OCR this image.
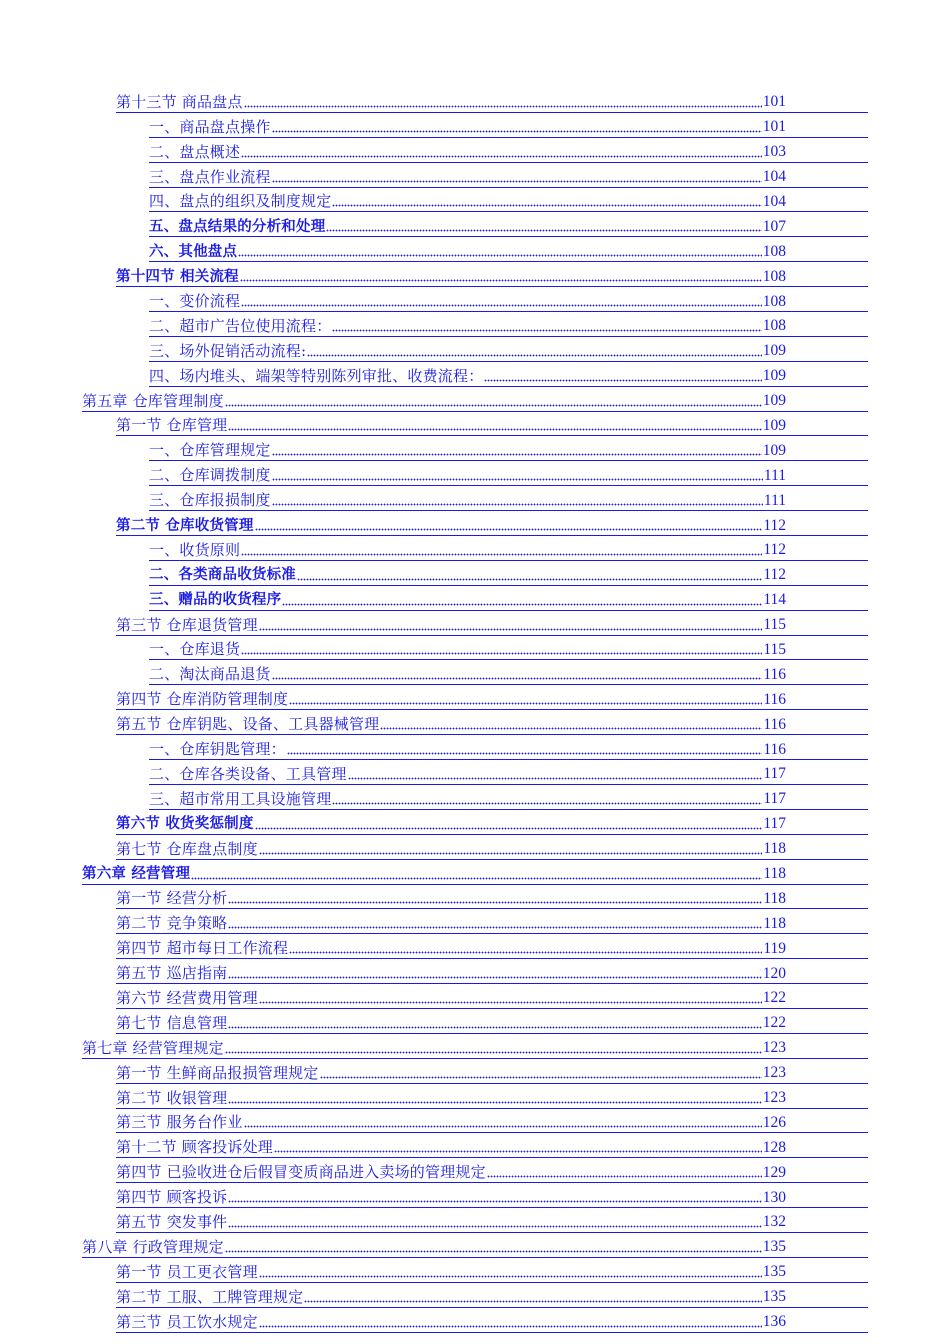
第十三节 商品盘点	101
一、商品盘点操作	101
二、盘点概述	103
三、盘点作业流程	104
四、盘点的组织及制度规定	104
五、盘点结果的分析和处理	107
六、其他盘点	108
第十四节 相关流程	108
一、变价流程	108
二、超市广告位使用流程：	108
三、场外促销活动流程:	109
四、场内堆头、端架等特别陈列审批、收费流程：	109
第五章 仓库管理制度	109
第一节 仓库管理	109
一、仓库管理规定	109
二、仓库调拨制度	111
三、仓库报损制度	111
第二节 仓库收货管理	112
一、收货原则	112
二、各类商品收货标准	112
三、赠品的收货程序	114
第三节 仓库退货管理	115
一、仓库退货	115
二、淘汰商品退货	116
第四节 仓库消防管理制度	116
第五节 仓库钥匙、设备、工具器械管理	116
一、仓库钥匙管理：	116
二、仓库各类设备、工具管理	117
三、超市常用工具设施管理	117
第六节 收货奖惩制度	117
第七节 仓库盘点制度	118
第六章 经营管理	118
第一节 经营分析	118
第二节 竞争策略	118
第四节 超市每日工作流程	119
第五节 巡店指南	120
第六节 经营费用管理	122
第七节 信息管理	122
第七章 经营管理规定	123
第一节 生鲜商品报损管理规定	123
第二节 收银管理	123
第三节 服务台作业	126
第十二节 顾客投诉处理	128
第四节 已验收进仓后假冒变质商品进入卖场的管理规定	129
第四节 顾客投诉	130
第五节 突发事件	132
第八章 行政管理规定	135
第一节 员工更衣管理	135
第二节 工服、工牌管理规定	135
第三节 员工饮水规定	136
